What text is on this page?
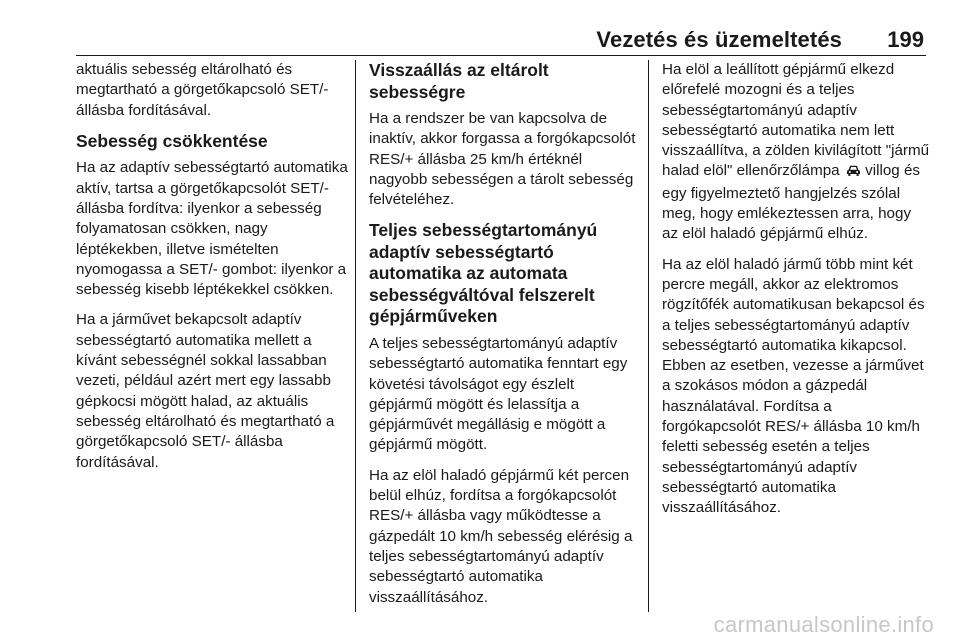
Vezetés és üzemeltetés 199

aktuális sebesség eltárolható és megtartható a görgetőkapcsoló SET/- állásba fordításával.

Sebesség csökkentése

Ha az adaptív sebességtartó automatika aktív, tartsa a görgetőkapcsolót SET/- állásba fordítva: ilyenkor a sebesség folyamatosan csökken, nagy léptékekben, illetve ismételten nyomogassa a SET/- gombot: ilyenkor a sebesség kisebb léptékekkel csökken.

Ha a járművet bekapcsolt adaptív sebességtartó automatika mellett a kívánt sebességnél sokkal lassabban vezeti, például azért mert egy lassabb gépkocsi mögött halad, az aktuális sebesség eltárolható és megtartható a görgetőkapcsoló SET/- állásba fordításával.

Visszaállás az eltárolt sebességre

Ha a rendszer be van kapcsolva de inaktív, akkor forgassa a forgókapcsolót RES/+ állásba 25 km/h értéknél nagyobb sebességen a tárolt sebesség felvételéhez.

Teljes sebességtartományú adaptív sebességtartó automatika az automata sebességváltóval felszerelt gépjárműveken

A teljes sebességtartományú adaptív sebességtartó automatika fenntart egy követési távolságot egy észlelt gépjármű mögött és lelassítja a gépjárművét megállásig e mögött a gépjármű mögött.

Ha az elöl haladó gépjármű két percen belül elhúz, fordítsa a forgókapcsolót RES/+ állásba vagy működtesse a gázpedált 10 km/h sebesség elérésig a teljes sebességtartományú adaptív sebességtartó automatika visszaállításához.

Ha elöl a leállított gépjármű elkezd előrefelé mozogni és a teljes sebességtartományú adaptív sebességtartó automatika nem lett visszaállítva, a zölden kivilágított "jármű halad elöl" ellenőrzőlámpa villog és egy figyelmeztető hangjelzés szólal meg, hogy emlékeztessen arra, hogy az elöl haladó gépjármű elhúz.

Ha az elöl haladó jármű több mint két percre megáll, akkor az elektromos rögzítőfék automatikusan bekapcsol és a teljes sebességtartományú adaptív sebességtartó automatika kikapcsol. Ebben az esetben, vezesse a járművet a szokásos módon a gázpedál használatával. Fordítsa a forgókapcsolót RES/+ állásba 10 km/h feletti sebesség esetén a teljes sebességtartományú adaptív sebességtartó automatika visszaállításához.

carmanualsonline.info
